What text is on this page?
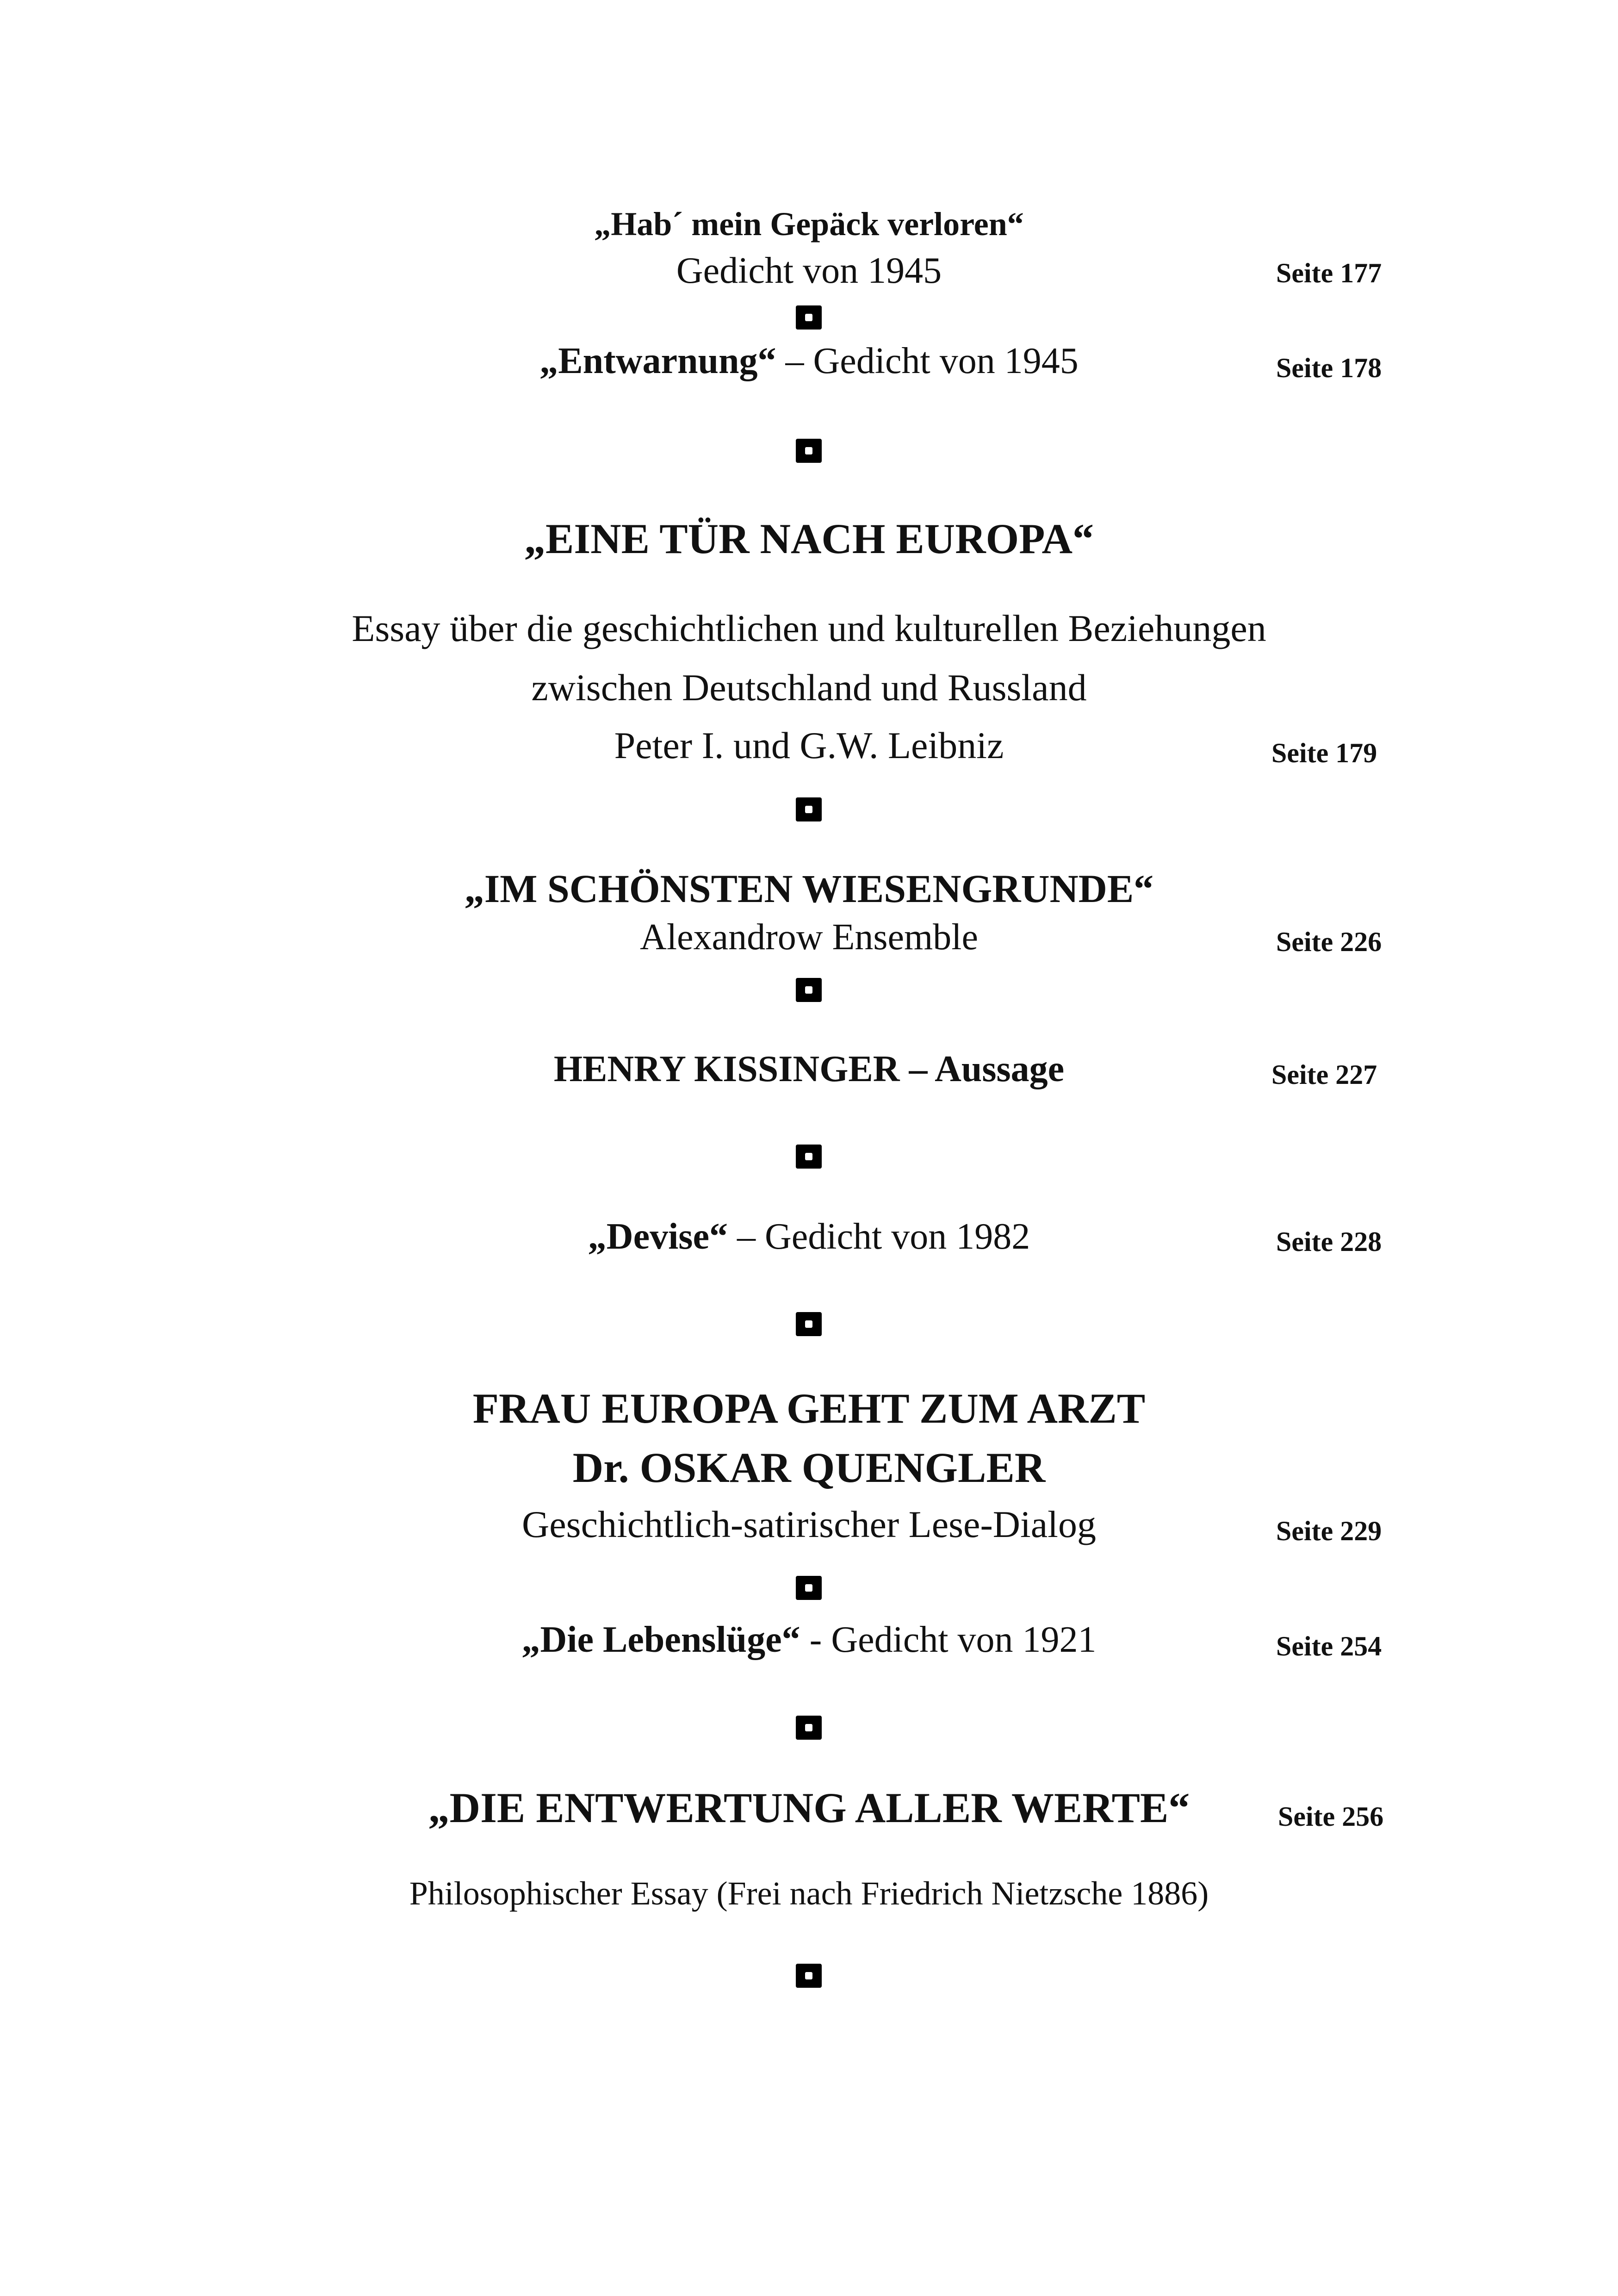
„Hab´ mein Gepäck verloren“
Gedicht von 1945	Seite 177
„Entwarnung“ – Gedicht von 1945	Seite 178
„EINE TÜR NACH EUROPA“
Essay über die geschichtlichen und kulturellen Beziehungen
zwischen Deutschland und Russland
Peter I. und G.W. Leibniz	Seite 179
„IM SCHÖNSTEN WIESENGRUNDE“
Alexandrow Ensemble	Seite 226
HENRY KISSINGER – Aussage	Seite 227
„Devise“ – Gedicht von 1982	Seite 228
FRAU EUROPA GEHT ZUM ARZT
Dr. OSKAR QUENGLER
Geschichtlich-satirischer Lese-Dialog	Seite 229
„Die Lebenslüge“ - Gedicht von 1921	Seite 254
„DIE ENTWERTUNG ALLER WERTE“	Seite 256
Philosophischer Essay (Frei nach Friedrich Nietzsche 1886)
